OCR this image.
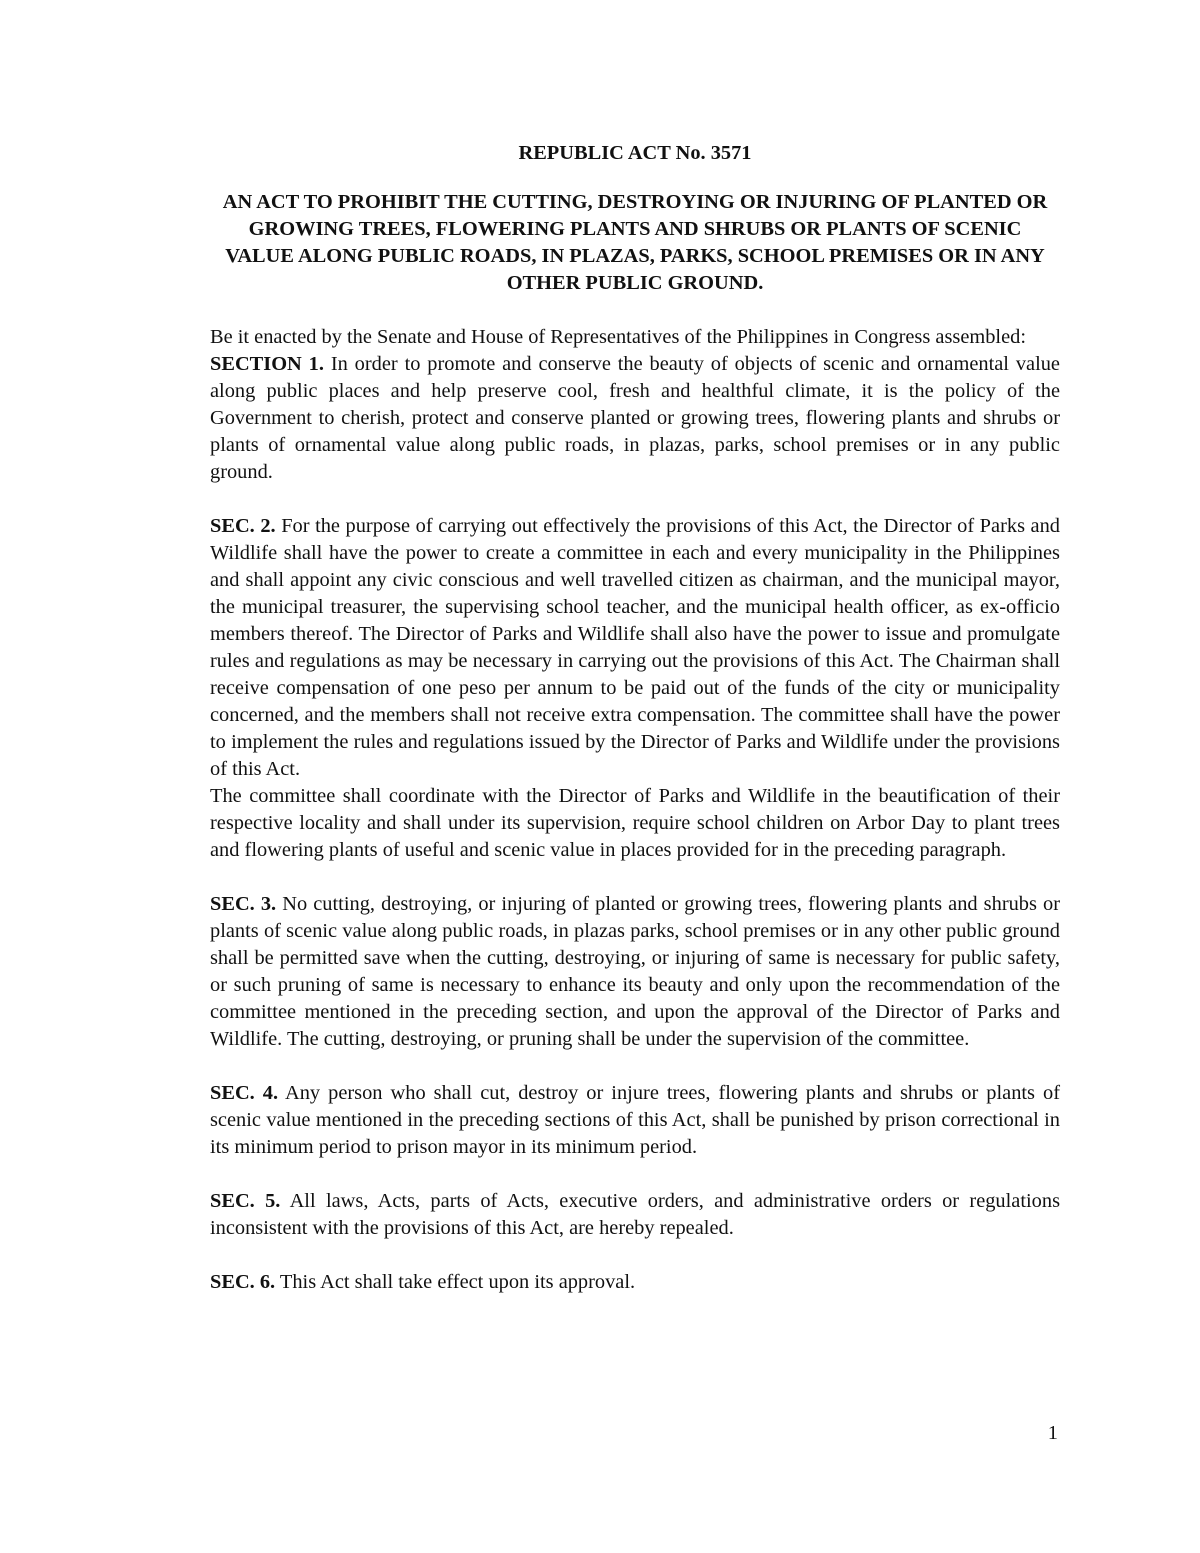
REPUBLIC ACT No. 3571
AN ACT TO PROHIBIT THE CUTTING, DESTROYING OR INJURING OF PLANTED OR GROWING TREES, FLOWERING PLANTS AND SHRUBS OR PLANTS OF SCENIC VALUE ALONG PUBLIC ROADS, IN PLAZAS, PARKS, SCHOOL PREMISES OR IN ANY OTHER PUBLIC GROUND.

Be it enacted by the Senate and House of Representatives of the Philippines in Congress assembled:

SECTION 1. In order to promote and conserve the beauty of objects of scenic and ornamental value along public places and help preserve cool, fresh and healthful climate, it is the policy of the Government to cherish, protect and conserve planted or growing trees, flowering plants and shrubs or plants of ornamental value along public roads, in plazas, parks, school premises or in any public ground.

SEC. 2. For the purpose of carrying out effectively the provisions of this Act, the Director of Parks and Wildlife shall have the power to create a committee in each and every municipality in the Philippines and shall appoint any civic conscious and well travelled citizen as chairman, and the municipal mayor, the municipal treasurer, the supervising school teacher, and the municipal health officer, as ex-officio members thereof. The Director of Parks and Wildlife shall also have the power to issue and promulgate rules and regulations as may be necessary in carrying out the provisions of this Act. The Chairman shall receive compensation of one peso per annum to be paid out of the funds of the city or municipality concerned, and the members shall not receive extra compensation. The committee shall have the power to implement the rules and regulations issued by the Director of Parks and Wildlife under the provisions of this Act.

The committee shall coordinate with the Director of Parks and Wildlife in the beautification of their respective locality and shall under its supervision, require school children on Arbor Day to plant trees and flowering plants of useful and scenic value in places provided for in the preceding paragraph.

SEC. 3. No cutting, destroying, or injuring of planted or growing trees, flowering plants and shrubs or plants of scenic value along public roads, in plazas parks, school premises or in any other public ground shall be permitted save when the cutting, destroying, or injuring of same is necessary for public safety, or such pruning of same is necessary to enhance its beauty and only upon the recommendation of the committee mentioned in the preceding section, and upon the approval of the Director of Parks and Wildlife. The cutting, destroying, or pruning shall be under the supervision of the committee.

SEC. 4. Any person who shall cut, destroy or injure trees, flowering plants and shrubs or plants of scenic value mentioned in the preceding sections of this Act, shall be punished by prison correctional in its minimum period to prison mayor in its minimum period.

SEC. 5. All laws, Acts, parts of Acts, executive orders, and administrative orders or regulations inconsistent with the provisions of this Act, are hereby repealed.

SEC. 6. This Act shall take effect upon its approval.

1
